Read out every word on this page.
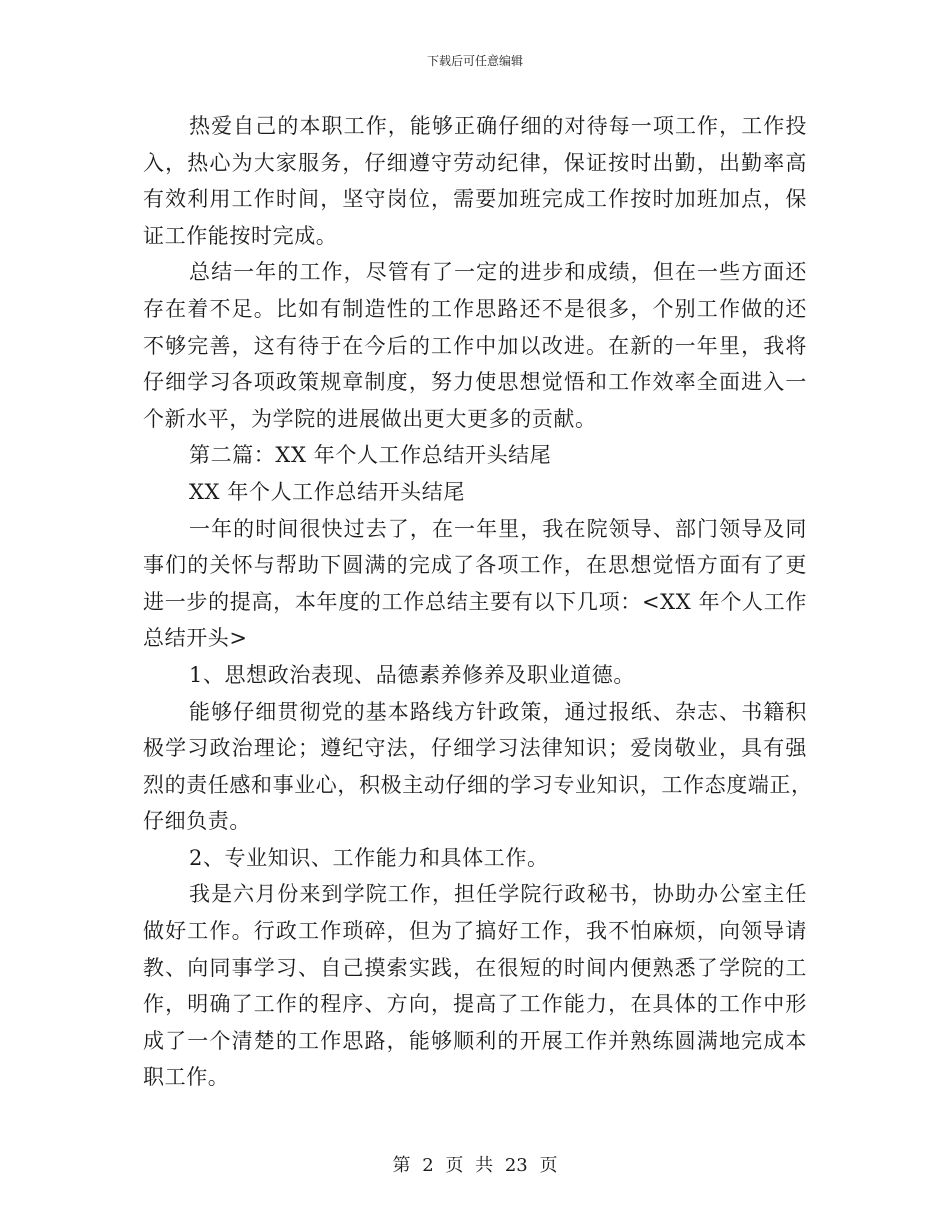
下载后可任意编辑
热爱自己的本职工作，能够正确仔细的对待每一项工作，工作投
入，热心为大家服务，仔细遵守劳动纪律，保证按时出勤，出勤率高
有效利用工作时间，坚守岗位，需要加班完成工作按时加班加点，保
证工作能按时完成。
总结一年的工作，尽管有了一定的进步和成绩，但在一些方面还
存在着不足。比如有制造性的工作思路还不是很多，个别工作做的还
不够完善，这有待于在今后的工作中加以改进。在新的一年里，我将
仔细学习各项政策规章制度，努力使思想觉悟和工作效率全面进入一
个新水平，为学院的进展做出更大更多的贡献。
第二篇：XX 年个人工作总结开头结尾
XX 年个人工作总结开头结尾
一年的时间很快过去了，在一年里，我在院领导、部门领导及同
事们的关怀与帮助下圆满的完成了各项工作，在思想觉悟方面有了更
进一步的提高，本年度的工作总结主要有以下几项：<XX 年个人工作
总结开头>
1、思想政治表现、品德素养修养及职业道德。
能够仔细贯彻党的基本路线方针政策，通过报纸、杂志、书籍积
极学习政治理论；遵纪守法，仔细学习法律知识；爱岗敬业，具有强
烈的责任感和事业心，积极主动仔细的学习专业知识，工作态度端正，
仔细负责。
2、专业知识、工作能力和具体工作。
我是六月份来到学院工作，担任学院行政秘书，协助办公室主任
做好工作。行政工作琐碎，但为了搞好工作，我不怕麻烦，向领导请
教、向同事学习、自己摸索实践，在很短的时间内便熟悉了学院的工
作，明确了工作的程序、方向，提高了工作能力，在具体的工作中形
成了一个清楚的工作思路，能够顺利的开展工作并熟练圆满地完成本
职工作。
第 2 页 共 23 页
